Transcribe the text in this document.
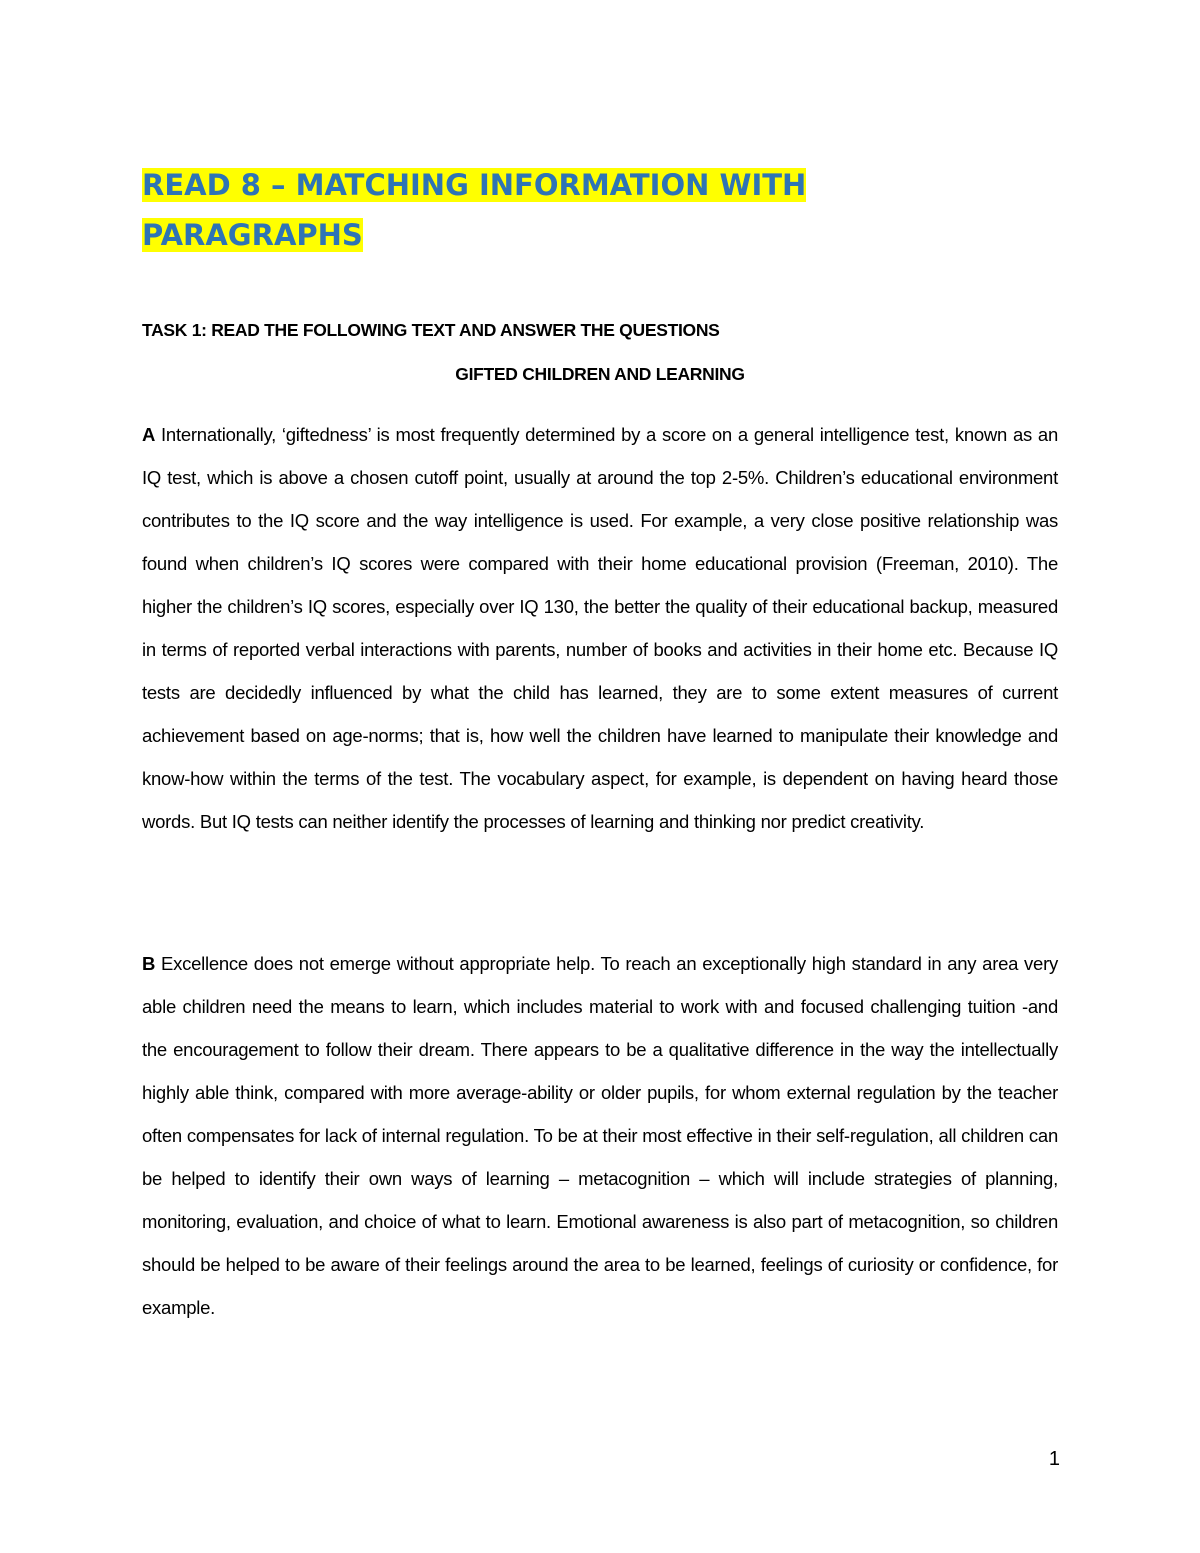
READ 8 – MATCHING INFORMATION WITH PARAGRAPHS

TASK 1: READ THE FOLLOWING TEXT AND ANSWER THE QUESTIONS

GIFTED CHILDREN AND LEARNING

A Internationally, ‘giftedness’ is most frequently determined by a score on a general intelligence test, known as an IQ test, which is above a chosen cutoff point, usually at around the top 2-5%. Children’s educational environment contributes to the IQ score and the way intelligence is used. For example, a very close positive relationship was found when children’s IQ scores were compared with their home educational provision (Freeman, 2010). The higher the children’s IQ scores, especially over IQ 130, the better the quality of their educational backup, measured in terms of reported verbal interactions with parents, number of books and activities in their home etc. Because IQ tests are decidedly influenced by what the child has learned, they are to some extent measures of current achievement based on age-norms; that is, how well the children have learned to manipulate their knowledge and know-how within the terms of the test. The vocabulary aspect, for example, is dependent on having heard those words. But IQ tests can neither identify the processes of learning and thinking nor predict creativity.

B Excellence does not emerge without appropriate help. To reach an exceptionally high standard in any area very able children need the means to learn, which includes material to work with and focused challenging tuition -and the encouragement to follow their dream. There appears to be a qualitative difference in the way the intellectually highly able think, compared with more average-ability or older pupils, for whom external regulation by the teacher often compensates for lack of internal regulation. To be at their most effective in their self-regulation, all children can be helped to identify their own ways of learning – metacognition – which will include strategies of planning, monitoring, evaluation, and choice of what to learn. Emotional awareness is also part of metacognition, so children should be helped to be aware of their feelings around the area to be learned, feelings of curiosity or confidence, for example.

1
